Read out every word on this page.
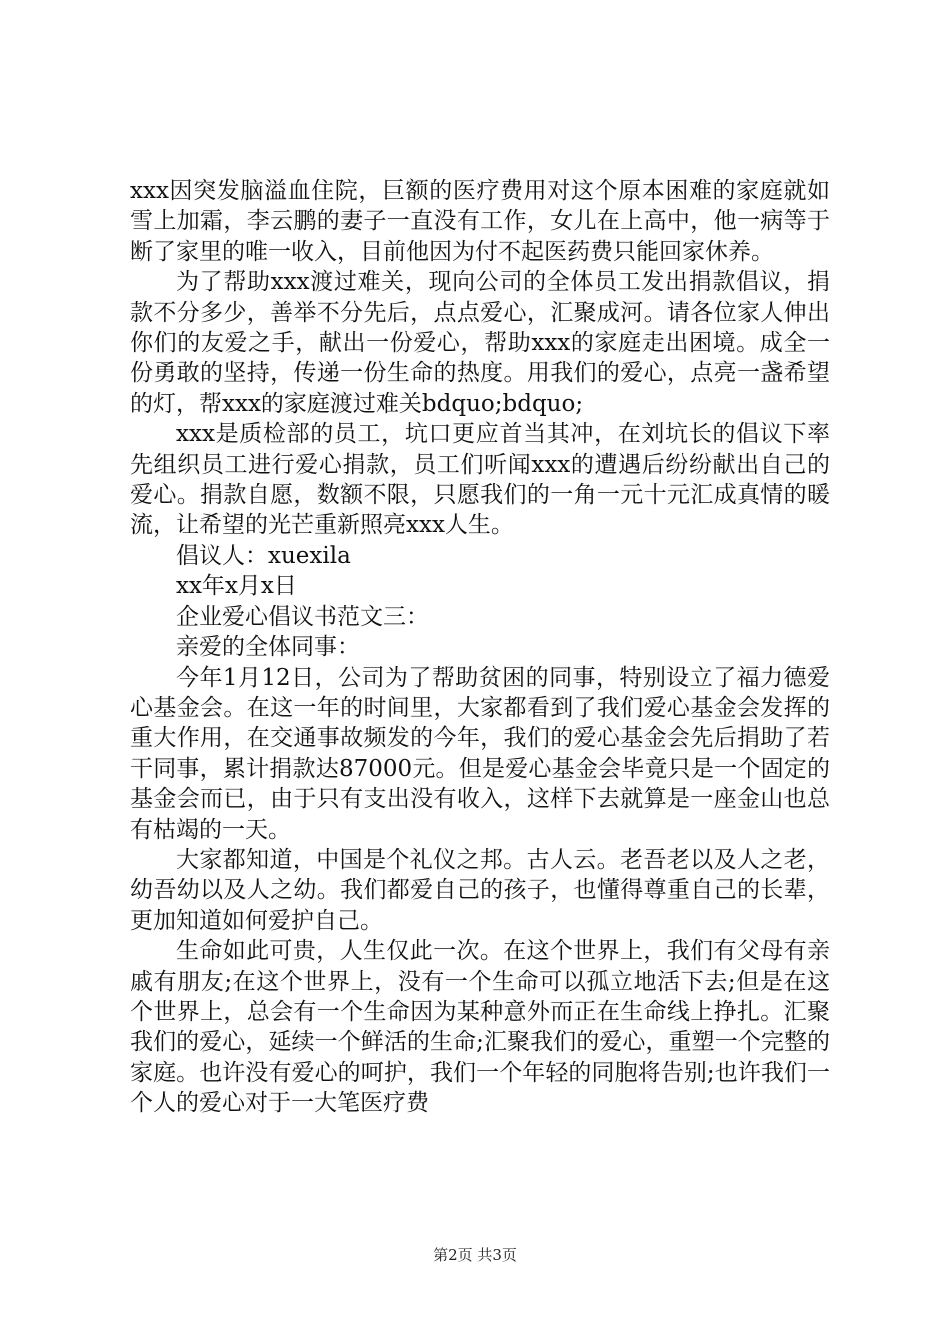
xxx因突发脑溢血住院，巨额的医疗费用对这个原本困难的家庭就如雪上加霜，李云鹏的妻子一直没有工作，女儿在上高中，他一病等于断了家里的唯一收入，目前他因为付不起医药费只能回家休养。

为了帮助xxx渡过难关，现向公司的全体员工发出捐款倡议，捐款不分多少，善举不分先后，点点爱心，汇聚成河。请各位家人伸出你们的友爱之手，献出一份爱心，帮助xxx的家庭走出困境。成全一份勇敢的坚持，传递一份生命的热度。用我们的爱心，点亮一盏希望的灯，帮xxx的家庭渡过难关bdquo;bdquo;

xxx是质检部的员工，坑口更应首当其冲，在刘坑长的倡议下率先组织员工进行爱心捐款，员工们听闻xxx的遭遇后纷纷献出自己的爱心。捐款自愿，数额不限，只愿我们的一角一元十元汇成真情的暖流，让希望的光芒重新照亮xxx人生。

倡议人：xuexila

xx年x月x日

企业爱心倡议书范文三：

亲爱的全体同事：

今年1月12日，公司为了帮助贫困的同事，特别设立了福力德爱心基金会。在这一年的时间里，大家都看到了我们爱心基金会发挥的重大作用，在交通事故频发的今年，我们的爱心基金会先后捐助了若干同事，累计捐款达87000元。但是爱心基金会毕竟只是一个固定的基金会而已，由于只有支出没有收入，这样下去就算是一座金山也总有枯竭的一天。

大家都知道，中国是个礼仪之邦。古人云。老吾老以及人之老，幼吾幼以及人之幼。我们都爱自己的孩子，也懂得尊重自己的长辈，更加知道如何爱护自己。

生命如此可贵，人生仅此一次。在这个世界上，我们有父母有亲戚有朋友;在这个世界上，没有一个生命可以孤立地活下去;但是在这个世界上，总会有一个生命因为某种意外而正在生命线上挣扎。汇聚我们的爱心，延续一个鲜活的生命;汇聚我们的爱心，重塑一个完整的家庭。也许没有爱心的呵护，我们一个年轻的同胞将告别;也许我们一个人的爱心对于一大笔医疗费

第2页 共3页
